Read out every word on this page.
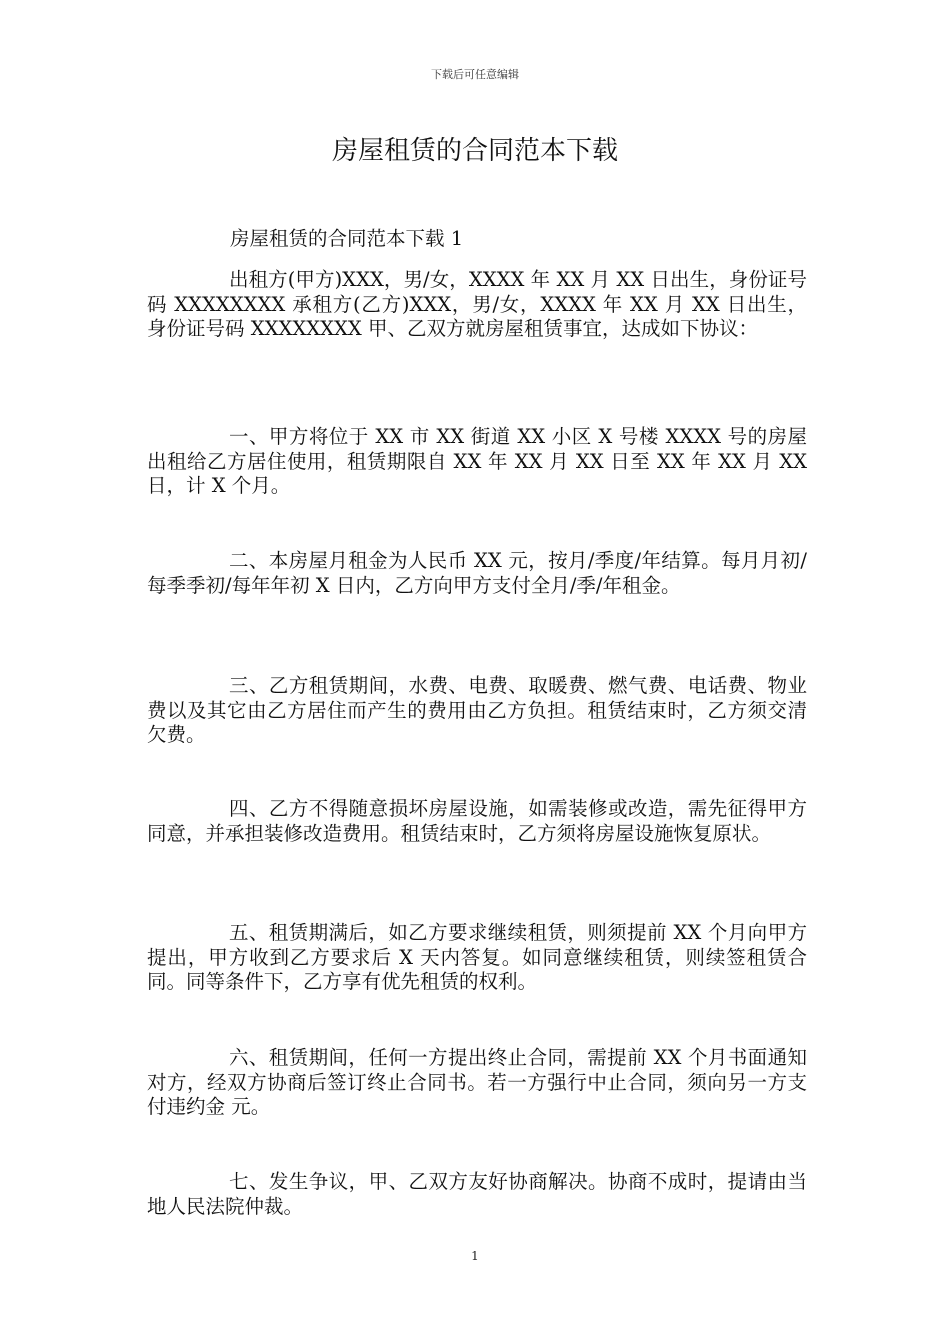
下载后可任意编辑
房屋租赁的合同范本下载
房屋租赁的合同范本下载 1

出租方(甲方)XXX，男/女，XXXX 年 XX 月 XX 日出生，身份证号码 XXXXXXXX 承租方(乙方)XXX，男/女，XXXX 年 XX 月 XX 日出生，身份证号码 XXXXXXXX 甲、乙双方就房屋租赁事宜，达成如下协议：

一、甲方将位于 XX 市 XX 街道 XX 小区 X 号楼 XXXX 号的房屋出租给乙方居住使用，租赁期限自 XX 年 XX 月 XX 日至 XX 年 XX 月 XX 日，计 X 个月。

二、本房屋月租金为人民币 XX 元，按月/季度/年结算。每月月初/每季季初/每年年初 X 日内，乙方向甲方支付全月/季/年租金。

三、乙方租赁期间，水费、电费、取暖费、燃气费、电话费、物业费以及其它由乙方居住而产生的费用由乙方负担。租赁结束时，乙方须交清欠费。

四、乙方不得随意损坏房屋设施，如需装修或改造，需先征得甲方同意，并承担装修改造费用。租赁结束时，乙方须将房屋设施恢复原状。

五、租赁期满后，如乙方要求继续租赁，则须提前 XX 个月向甲方提出，甲方收到乙方要求后 X 天内答复。如同意继续租赁，则续签租赁合同。同等条件下，乙方享有优先租赁的权利。

六、租赁期间，任何一方提出终止合同，需提前 XX 个月书面通知对方，经双方协商后签订终止合同书。若一方强行中止合同，须向另一方支付违约金 元。

七、发生争议，甲、乙双方友好协商解决。协商不成时，提请由当地人民法院仲裁。

1
